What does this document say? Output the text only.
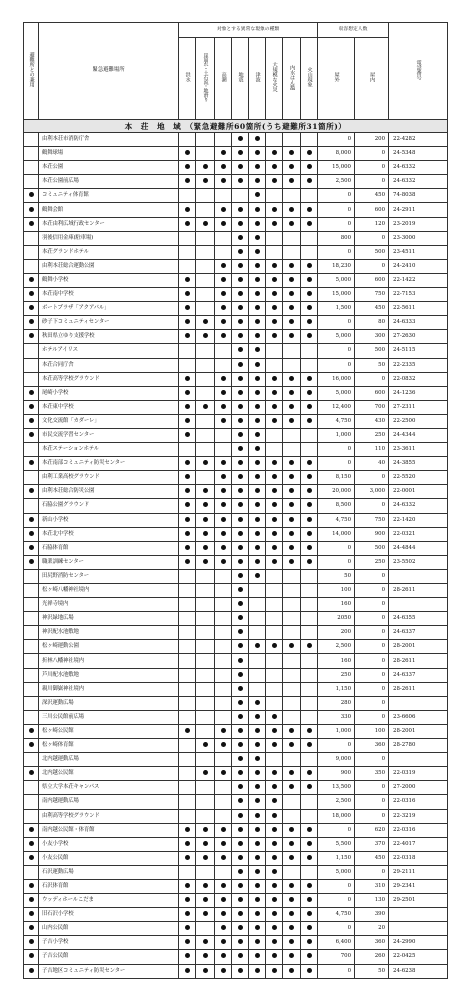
避難所との兼用	緊急避難場所	対象とする異常な現象の種類								収容想定人数		電話番号
		洪水	崖崩れ・土石流・地滑り	高潮	地震	津波	大規模な火災	内水はん濫	火山現象	屋外	屋内	
本　荘　地　域　（緊急避難所60箇所(うち避難所31箇所)）												
	由利本荘市消防庁舎									0	200	22-4282
	鶴舞球場									8,000	0	24-5348
	本荘公園									15,000	0	24-6332
	本荘公園前広場									2,500	0	24-6332
	コミュニティ体育館									0	450	74-8038
	鶴舞会館									0	600	24-2911
	本荘由利広域行政センター									0	120	23-2019
	羽後信用金庫(駐車場)									800	0	23-3000
	本荘グランドホテル									0	500	23-4511
	由利本荘総合運動公園									18,230	0	24-2410
	鶴舞小学校									5,000	600	22-1422
	本荘南中学校									15,000	750	22-7153
	ボートプラザ「アクアパル」									1,500	450	22-5611
	砂子下コミュニティセンター									0	80	24-6333
	秋田県立ゆり支援学校									5,000	300	27-2630
	ホテルアイリス									0	500	24-5115
	本荘合同庁舎									0	50	22-2335
	本荘高等学校グラウンド									16,000	0	22-0832
	尾崎小学校									5,000	600	24-1236
	本荘東中学校									12,400	700	27-2311
	文化交流館「カダーレ」									4,750	430	22-2500
	市民交流学習センター									1,000	250	24-4344
	本荘ステーションホテル									0	110	23-3611
	本荘南部コミュニティ防災センター									0	40	24-3855
	由利工業高校グラウンド									8,150	0	22-5520
	由利本荘総合防災公園									20,000	3,000	22-0001
	石脇公園グラウンド									8,500	0	24-6332
	新山小学校									4,750	750	22-1420
	本荘北中学校									14,000	900	22-0321
	石脇体育館									0	500	24-4844
	職業訓練センター									0	250	23-5502
	田尻野消防センター									50	0	
	松ヶ崎八幡神社境内									100	0	28-2611
	光禅寺境内									160	0	
	神沢緑地広場									2050	0	24-6355
	神沢配水池敷地									200	0	24-6337
	松ヶ崎運動公園									2,500	0	28-2001
	折林八幡神社境内									160	0	28-2611
	芦川配水池敷地									250	0	24-6337
	親川御嶽神社境内									1,150	0	28-2611
	深沢運動広場									280	0	
	三川公民館前広場									330	0	23-6606
	松ヶ崎公民館									1,000	100	28-2001
	松ヶ崎体育館									0	360	28-2780
	北内越運動広場									9,000	0	
	北内越公民館									900	350	22-0319
	県立大学本荘キャンパス									13,500	0	27-2000
	南内越運動広場									2,500	0	22-0316
	由利高等学校グラウンド									18,000	0	22-3219
	南内越公民館・体育館									0	620	22-0316
	小友小学校									5,500	370	22-4017
	小友公民館									1,150	450	22-0318
	石沢運動広場									5,000	0	29-2111
	石沢体育館									0	310	29-2341
	ウッディホールこだま									0	130	29-2501
	旧石沢小学校									4,750	390	
	山内公民館									0	20	
	子吉小学校									6,400	360	24-2990
	子吉公民館									700	260	22-0425
	子吉地区コミュニティ防災センター									0	50	24-6238
